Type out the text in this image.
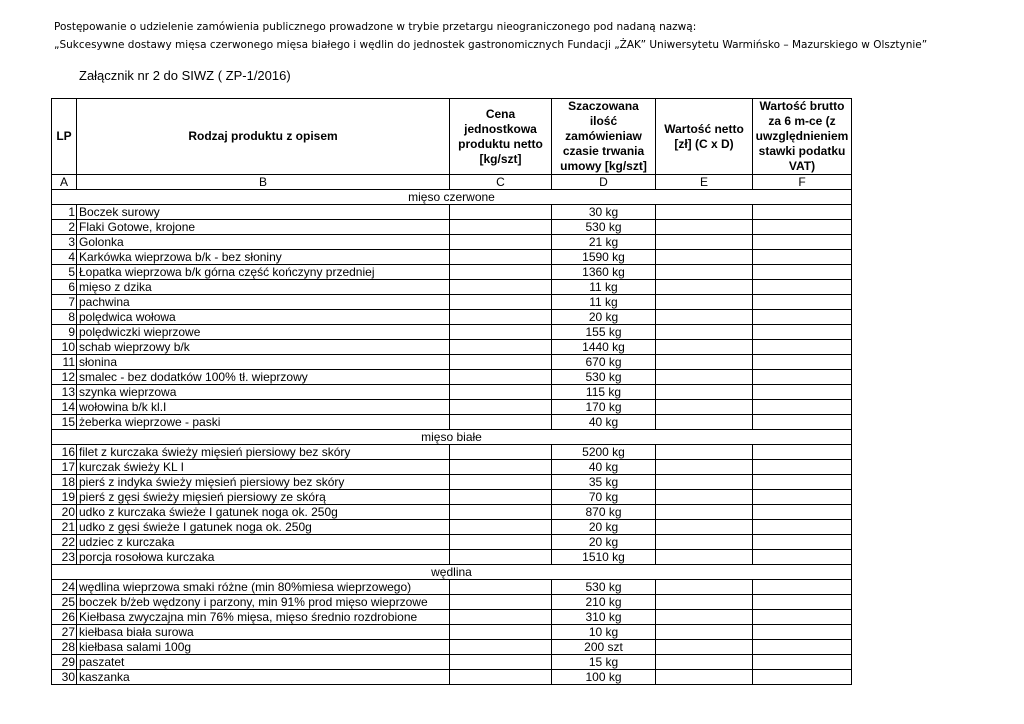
Postępowanie o udzielenie zamówienia publicznego prowadzone w trybie przetargu nieograniczonego pod nadaną nazwą:
„Sukcesywne dostawy mięsa czerwonego mięsa białego i wędlin do jednostek gastronomicznych Fundacji „ŻAK” Uniwersytetu Warmińsko – Mazurskiego w Olsztynie”
Załącznik nr 2 do SIWZ ( ZP-1/2016)
LP	Rodzaj produktu z opisem	Cena jednostkowa produktu netto [kg/szt]	Szaczowana ilość zamówieniaw czasie trwania umowy [kg/szt]	Wartość netto [zł] (C x D)	Wartość brutto za 6 m-ce (z uwzględnieniem stawki podatku VAT)
A	B	C	D	E	F
mięso czerwone					
1	Boczek surowy		30 kg		
2	Flaki Gotowe, krojone		530 kg		
3	Golonka		21 kg		
4	Karkówka wieprzowa b/k - bez słoniny		1590 kg		
5	Łopatka wieprzowa b/k górna część kończyny przedniej		1360 kg		
6	mięso z dzika		11 kg		
7	pachwina		11 kg		
8	polędwica wołowa		20 kg		
9	polędwiczki wieprzowe		155 kg		
10	schab wieprzowy b/k		1440 kg		
11	słonina		670 kg		
12	smalec - bez dodatków 100% tł. wieprzowy		530 kg		
13	szynka wieprzowa		115 kg		
14	wołowina b/k kl.I		170 kg		
15	żeberka wieprzowe - paski		40 kg		
mięso białe					
16	filet z kurczaka świeży mięsień piersiowy bez skóry		5200 kg		
17	kurczak świeży KL I		40 kg		
18	pierś z indyka świeży mięsień piersiowy bez skóry		35 kg		
19	pierś z gęsi świeży mięsień piersiowy ze skórą		70 kg		
20	udko z kurczaka świeże I gatunek noga ok. 250g		870 kg		
21	udko z gęsi świeże I gatunek noga ok. 250g		20 kg		
22	udziec z kurczaka		20 kg		
23	porcja rosołowa kurczaka		1510 kg		
wędlina					
24	wędlina wieprzowa smaki różne (min 80%miesa wieprzowego)		530 kg		
25	boczek b/żeb wędzony i parzony, min 91% prod mięso wieprzowe		210 kg		
26	Kiełbasa zwyczajna min 76% mięsa, mięso średnio rozdrobione		310 kg		
27	kiełbasa biała surowa		10 kg		
28	kiełbasa salami 100g		200 szt		
29	paszatet		15 kg		
30	kaszanka		100 kg		
